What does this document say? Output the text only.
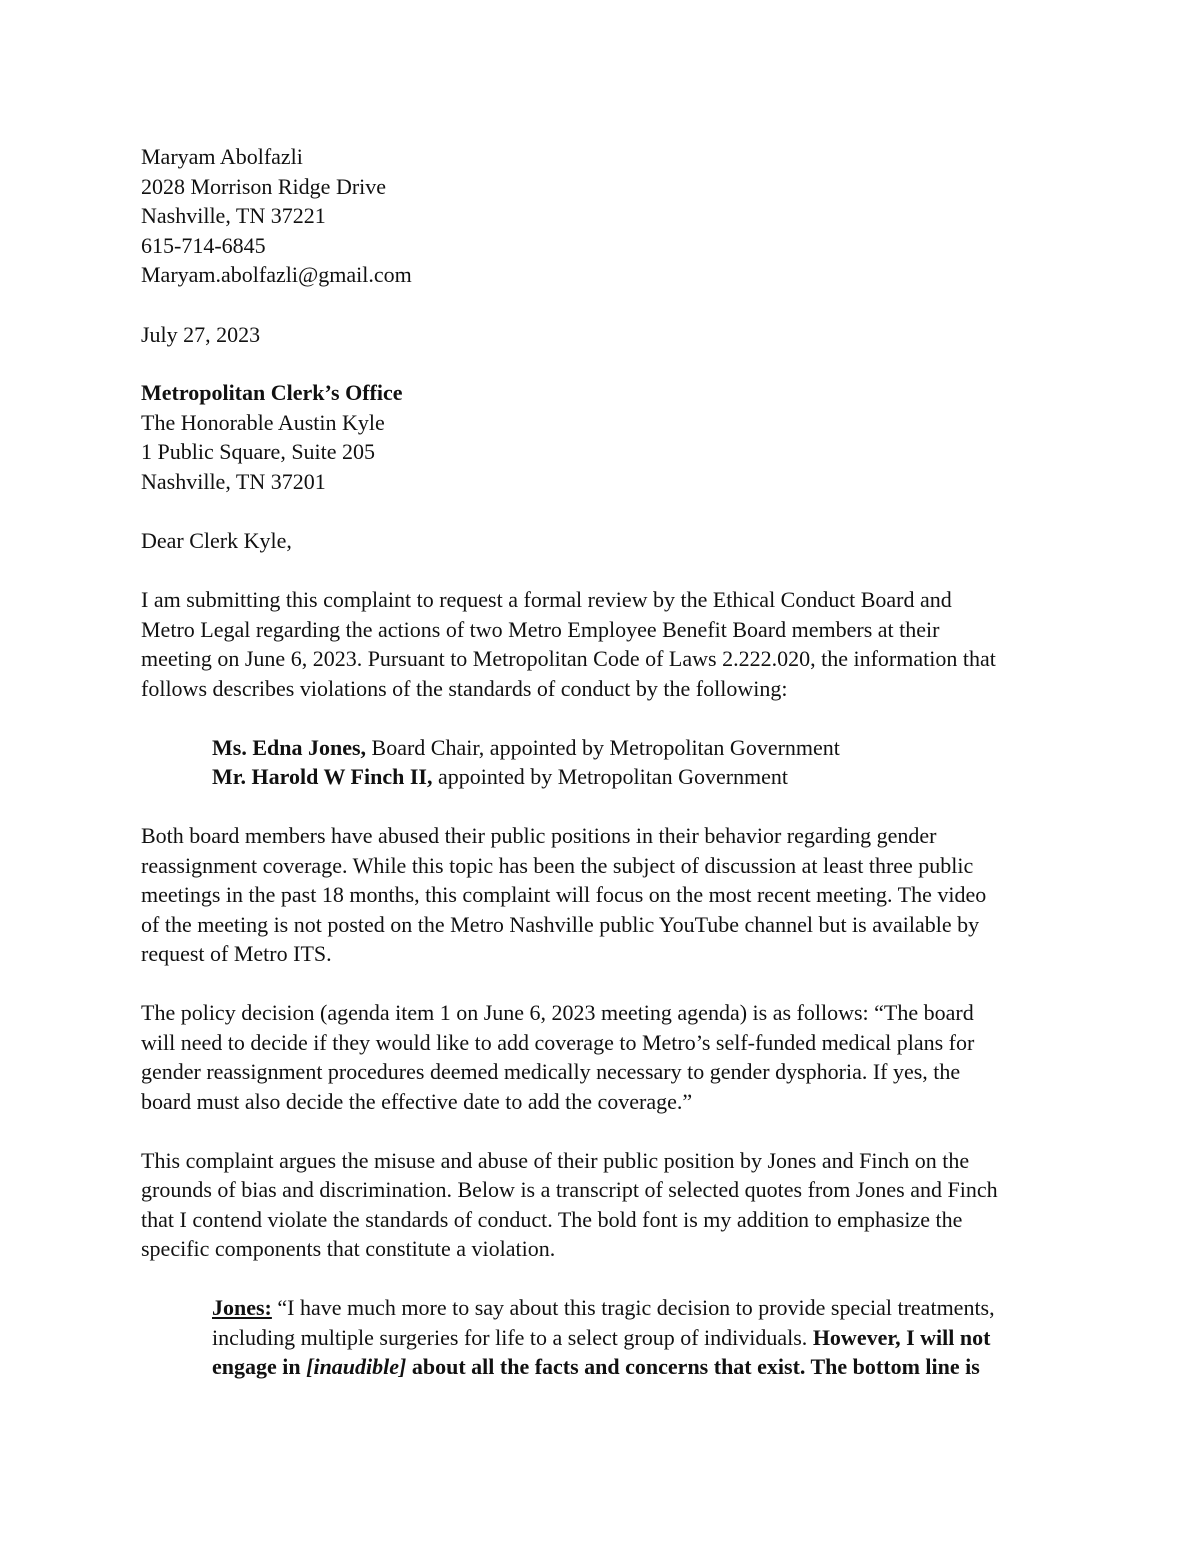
Maryam Abolfazli
2028 Morrison Ridge Drive
Nashville, TN 37221
615-714-6845
Maryam.abolfazli@gmail.com
July 27, 2023
Metropolitan Clerk’s Office
The Honorable Austin Kyle
1 Public Square, Suite 205
Nashville, TN 37201
Dear Clerk Kyle,
I am submitting this complaint to request a formal review by the Ethical Conduct Board and
Metro Legal regarding the actions of two Metro Employee Benefit Board members at their
meeting on June 6, 2023. Pursuant to Metropolitan Code of Laws 2.222.020, the information that
follows describes violations of the standards of conduct by the following:
Ms. Edna Jones, Board Chair, appointed by Metropolitan Government
Mr. Harold W Finch II, appointed by Metropolitan Government
Both board members have abused their public positions in their behavior regarding gender
reassignment coverage. While this topic has been the subject of discussion at least three public
meetings in the past 18 months, this complaint will focus on the most recent meeting. The video
of the meeting is not posted on the Metro Nashville public YouTube channel but is available by
request of Metro ITS.
The policy decision (agenda item 1 on June 6, 2023 meeting agenda) is as follows: “The board
will need to decide if they would like to add coverage to Metro’s self-funded medical plans for
gender reassignment procedures deemed medically necessary to gender dysphoria. If yes, the
board must also decide the effective date to add the coverage.”
This complaint argues the misuse and abuse of their public position by Jones and Finch on the
grounds of bias and discrimination. Below is a transcript of selected quotes from Jones and Finch
that I contend violate the standards of conduct. The bold font is my addition to emphasize the
specific components that constitute a violation.
Jones: “I have much more to say about this tragic decision to provide special treatments,
including multiple surgeries for life to a select group of individuals. However, I will not
engage in [inaudible] about all the facts and concerns that exist. The bottom line is
